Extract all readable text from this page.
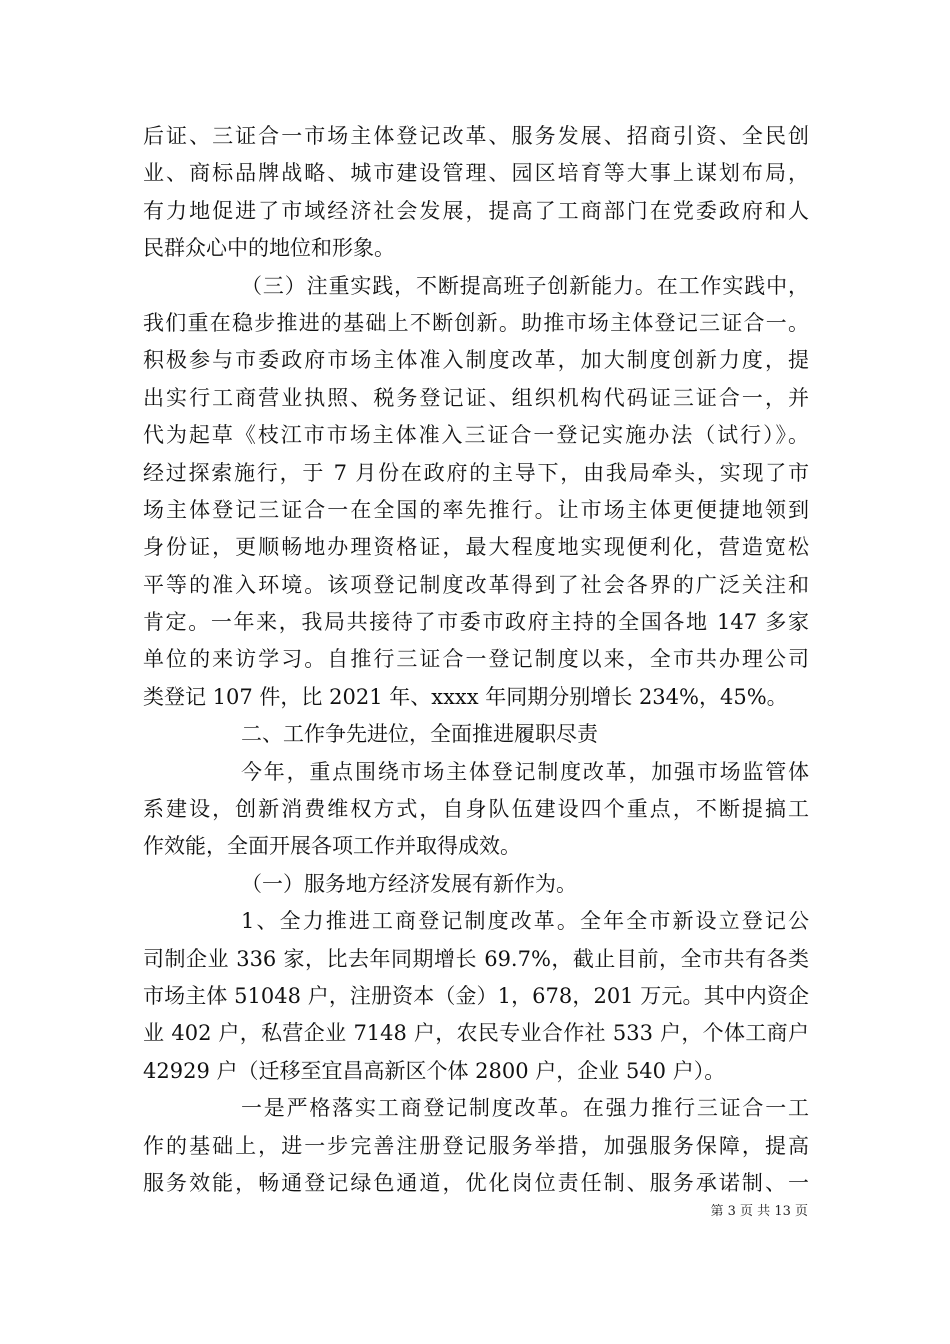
后证、三证合一市场主体登记改革、服务发展、招商引资、全民创
业、商标品牌战略、城市建设管理、园区培育等大事上谋划布局，
有力地促进了市域经济社会发展，提高了工商部门在党委政府和人
民群众心中的地位和形象。
（三）注重实践，不断提高班子创新能力。在工作实践中，
我们重在稳步推进的基础上不断创新。助推市场主体登记三证合一。
积极参与市委政府市场主体准入制度改革，加大制度创新力度，提
出实行工商营业执照、税务登记证、组织机构代码证三证合一，并
代为起草《枝江市市场主体准入三证合一登记实施办法（试行）》。
经过探索施行，于 7 月份在政府的主导下，由我局牵头，实现了市
场主体登记三证合一在全国的率先推行。让市场主体更便捷地领到
身份证，更顺畅地办理资格证，最大程度地实现便利化，营造宽松
平等的准入环境。该项登记制度改革得到了社会各界的广泛关注和
肯定。一年来，我局共接待了市委市政府主持的全国各地 147 多家
单位的来访学习。自推行三证合一登记制度以来，全市共办理公司
类登记 107 件，比 2021 年、xxxx 年同期分别增长 234%，45%。
二、工作争先进位，全面推进履职尽责
今年，重点围绕市场主体登记制度改革，加强市场监管体
系建设，创新消费维权方式，自身队伍建设四个重点，不断提搞工
作效能，全面开展各项工作并取得成效。
（一）服务地方经济发展有新作为。
1、全力推进工商登记制度改革。全年全市新设立登记公
司制企业 336 家，比去年同期增长 69.7%，截止目前，全市共有各类
市场主体 51048 户，注册资本（金）1，678，201 万元。其中内资企
业 402 户，私营企业 7148 户，农民专业合作社 533 户，个体工商户
42929 户（迁移至宜昌高新区个体 2800 户，企业 540 户）。
一是严格落实工商登记制度改革。在强力推行三证合一工
作的基础上，进一步完善注册登记服务举措，加强服务保障，提高
服务效能，畅通登记绿色通道，优化岗位责任制、服务承诺制、一
第 3 页 共 13 页
